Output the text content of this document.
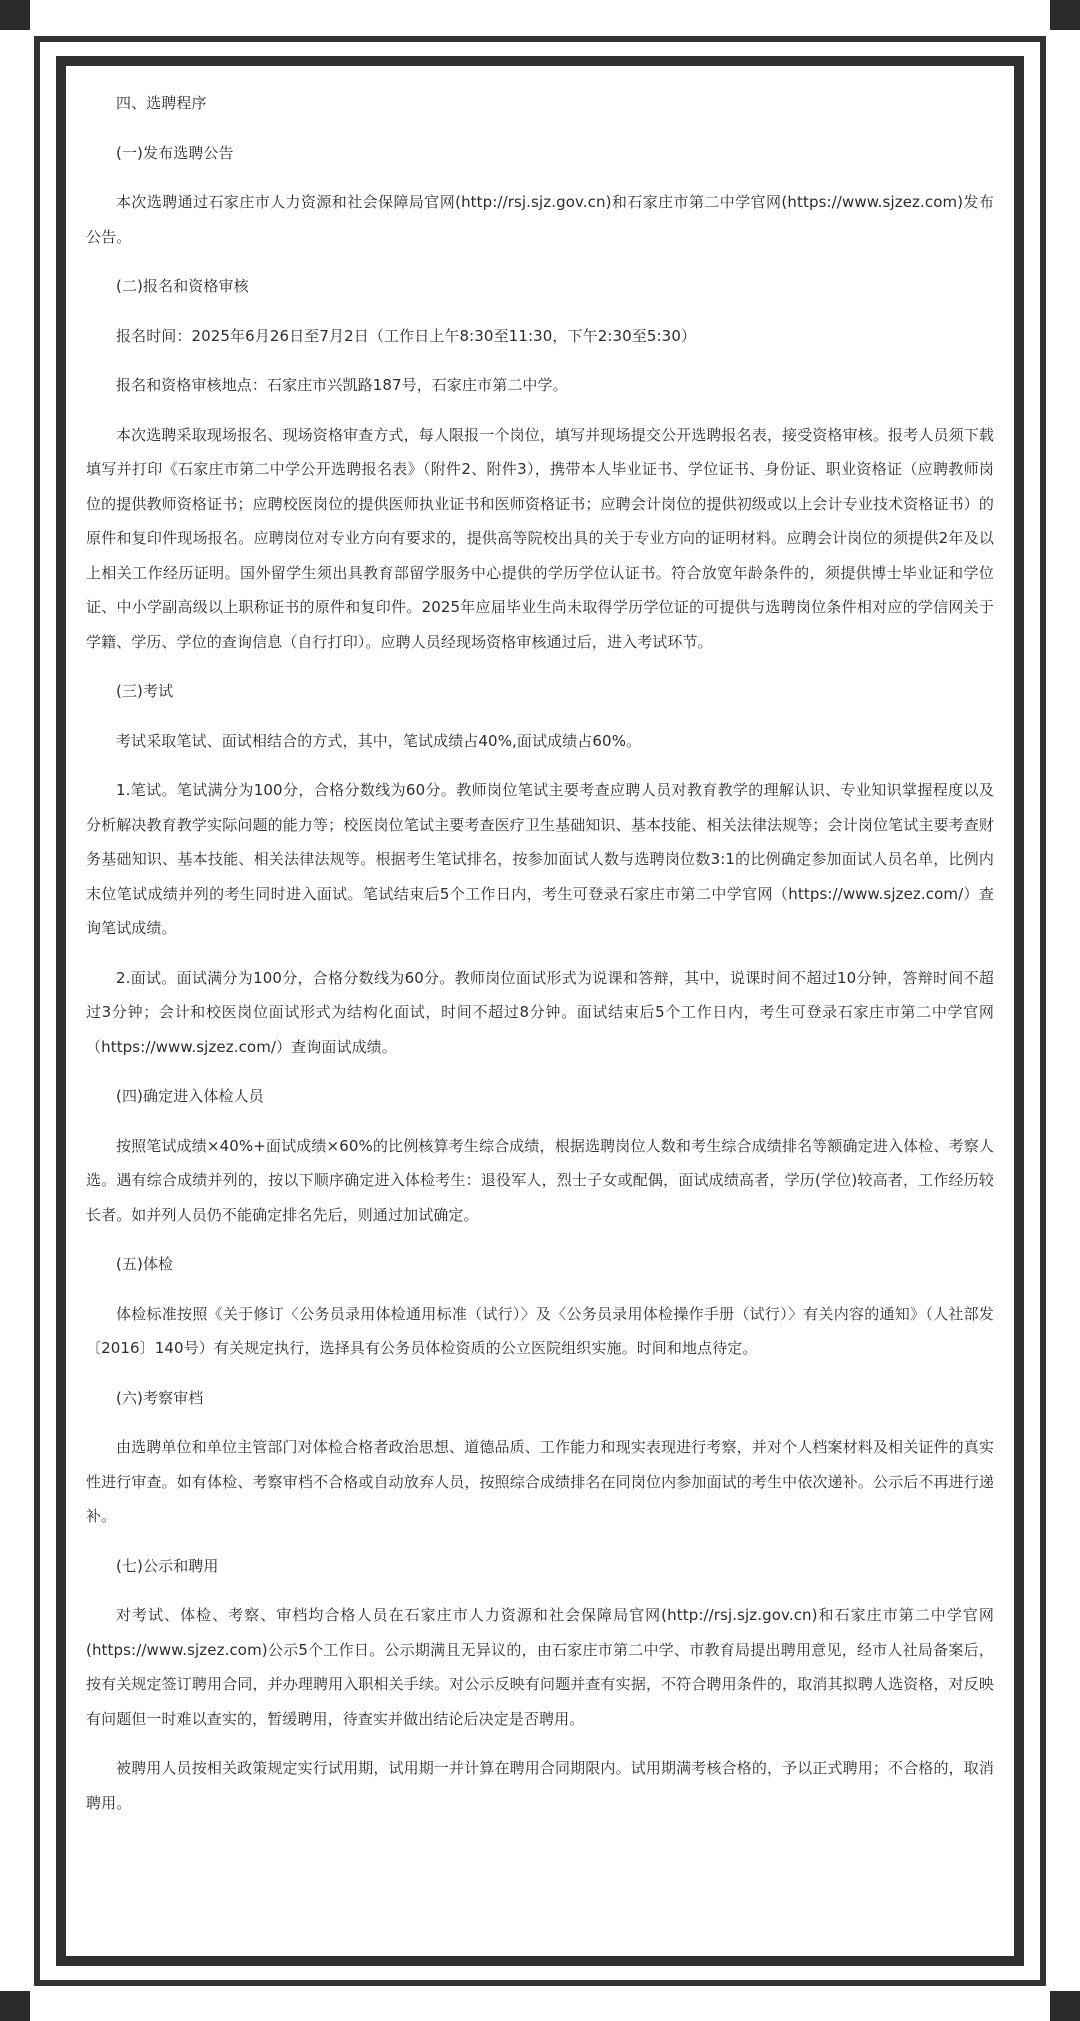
四、选聘程序

(一)发布选聘公告

本次选聘通过石家庄市人力资源和社会保障局官网(http://rsj.sjz.gov.cn)和石家庄市第二中学官网(https://www.sjzez.com)发布公告。

(二)报名和资格审核

报名时间：2025年6月26日至7月2日（工作日上午8:30至11:30，下午2:30至5:30）

报名和资格审核地点：石家庄市兴凯路187号，石家庄市第二中学。

本次选聘采取现场报名、现场资格审查方式，每人限报一个岗位，填写并现场提交公开选聘报名表，接受资格审核。报考人员须下载填写并打印《石家庄市第二中学公开选聘报名表》（附件2、附件3），携带本人毕业证书、学位证书、身份证、职业资格证（应聘教师岗位的提供教师资格证书；应聘校医岗位的提供医师执业证书和医师资格证书；应聘会计岗位的提供初级或以上会计专业技术资格证书）的原件和复印件现场报名。应聘岗位对专业方向有要求的，提供高等院校出具的关于专业方向的证明材料。应聘会计岗位的须提供2年及以上相关工作经历证明。国外留学生须出具教育部留学服务中心提供的学历学位认证书。符合放宽年龄条件的，须提供博士毕业证和学位证、中小学副高级以上职称证书的原件和复印件。2025年应届毕业生尚未取得学历学位证的可提供与选聘岗位条件相对应的学信网关于学籍、学历、学位的查询信息（自行打印）。应聘人员经现场资格审核通过后，进入考试环节。

(三)考试

考试采取笔试、面试相结合的方式，其中，笔试成绩占40%,面试成绩占60%。

1.笔试。笔试满分为100分，合格分数线为60分。教师岗位笔试主要考查应聘人员对教育教学的理解认识、专业知识掌握程度以及分析解决教育教学实际问题的能力等；校医岗位笔试主要考查医疗卫生基础知识、基本技能、相关法律法规等；会计岗位笔试主要考查财务基础知识、基本技能、相关法律法规等。根据考生笔试排名，按参加面试人数与选聘岗位数3:1的比例确定参加面试人员名单，比例内末位笔试成绩并列的考生同时进入面试。笔试结束后5个工作日内，考生可登录石家庄市第二中学官网（https://www.sjzez.com/）查询笔试成绩。

2.面试。面试满分为100分，合格分数线为60分。教师岗位面试形式为说课和答辩，其中，说课时间不超过10分钟，答辩时间不超过3分钟；会计和校医岗位面试形式为结构化面试，时间不超过8分钟。面试结束后5个工作日内，考生可登录石家庄市第二中学官网（https://www.sjzez.com/）查询面试成绩。

(四)确定进入体检人员

按照笔试成绩×40%+面试成绩×60%的比例核算考生综合成绩，根据选聘岗位人数和考生综合成绩排名等额确定进入体检、考察人选。遇有综合成绩并列的，按以下顺序确定进入体检考生：退役军人，烈士子女或配偶，面试成绩高者，学历(学位)较高者，工作经历较长者。如并列人员仍不能确定排名先后，则通过加试确定。

(五)体检

体检标准按照《关于修订〈公务员录用体检通用标准（试行）〉及〈公务员录用体检操作手册（试行）〉有关内容的通知》（人社部发〔2016〕140号）有关规定执行，选择具有公务员体检资质的公立医院组织实施。时间和地点待定。

(六)考察审档

由选聘单位和单位主管部门对体检合格者政治思想、道德品质、工作能力和现实表现进行考察，并对个人档案材料及相关证件的真实性进行审查。如有体检、考察审档不合格或自动放弃人员，按照综合成绩排名在同岗位内参加面试的考生中依次递补。公示后不再进行递补。

(七)公示和聘用

对考试、体检、考察、审档均合格人员在石家庄市人力资源和社会保障局官网(http://rsj.sjz.gov.cn)和石家庄市第二中学官网(https://www.sjzez.com)公示5个工作日。公示期满且无异议的，由石家庄市第二中学、市教育局提出聘用意见，经市人社局备案后，按有关规定签订聘用合同，并办理聘用入职相关手续。对公示反映有问题并查有实据，不符合聘用条件的，取消其拟聘人选资格，对反映有问题但一时难以查实的，暂缓聘用，待查实并做出结论后决定是否聘用。

被聘用人员按相关政策规定实行试用期，试用期一并计算在聘用合同期限内。试用期满考核合格的，予以正式聘用；不合格的，取消聘用。
